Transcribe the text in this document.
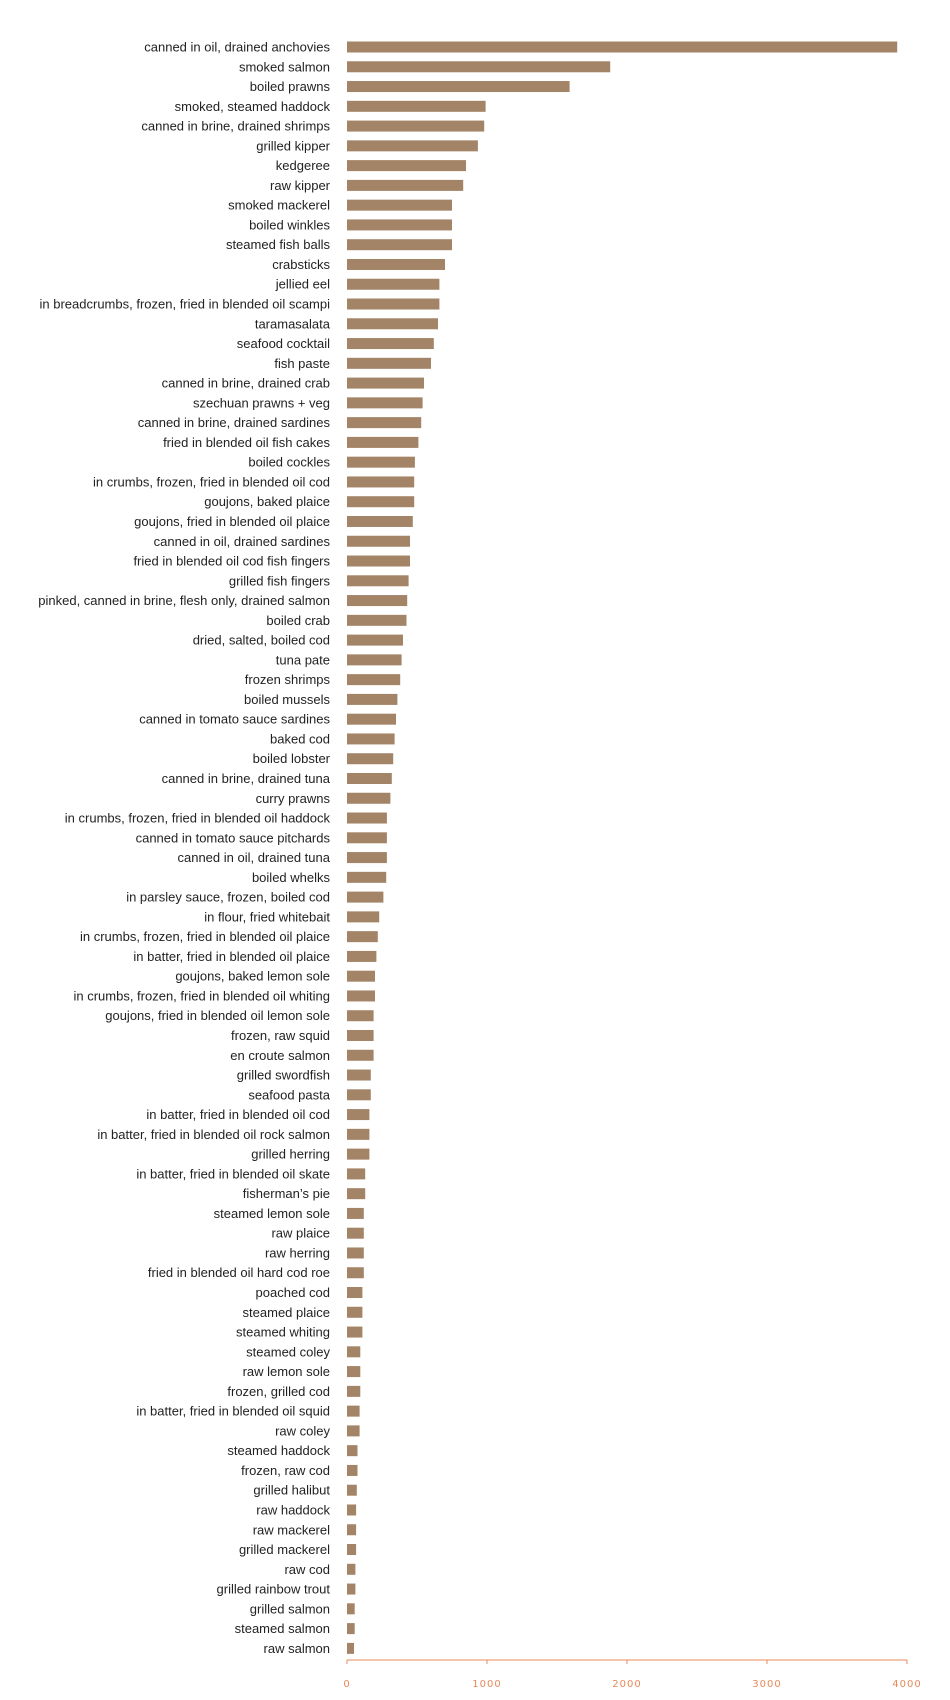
canned in oil, drained anchovies
smoked salmon
boiled prawns
smoked, steamed haddock
canned in brine, drained shrimps
grilled kipper
kedgeree
raw kipper
smoked mackerel
boiled winkles
steamed fish balls
crabsticks
jellied eel
in breadcrumbs, frozen, fried in blended oil scampi
taramasalata
seafood cocktail
fish paste
canned in brine, drained crab
szechuan prawns + veg
canned in brine, drained sardines
fried in blended oil fish cakes
boiled cockles
in crumbs, frozen, fried in blended oil cod
goujons, baked plaice
goujons, fried in blended oil plaice
canned in oil, drained sardines
fried in blended oil cod fish fingers
grilled fish fingers
pinked, canned in brine, flesh only, drained salmon
boiled crab
dried, salted, boiled cod
tuna pate
frozen shrimps
boiled mussels
canned in tomato sauce sardines
baked cod
boiled lobster
canned in brine, drained tuna
curry prawns
in crumbs, frozen, fried in blended oil haddock
canned in tomato sauce pitchards
canned in oil, drained tuna
boiled whelks
in parsley sauce, frozen, boiled cod
in flour, fried whitebait
in crumbs, frozen, fried in blended oil plaice
in batter, fried in blended oil plaice
goujons, baked lemon sole
in crumbs, frozen, fried in blended oil whiting
goujons, fried in blended oil lemon sole
frozen, raw squid
en croute salmon
grilled swordfish
seafood pasta
in batter, fried in blended oil cod
in batter, fried in blended oil rock salmon
grilled herring
in batter, fried in blended oil skate
fisherman’s pie
steamed lemon sole
raw plaice
raw herring
fried in blended oil hard cod roe
poached cod
steamed plaice
steamed whiting
steamed coley
raw lemon sole
frozen, grilled cod
in batter, fried in blended oil squid
raw coley
steamed haddock
frozen, raw cod
grilled halibut
raw haddock
raw mackerel
grilled mackerel
raw cod
grilled rainbow trout
grilled salmon
steamed salmon
raw salmon
0	1000	2000	3000	4000
